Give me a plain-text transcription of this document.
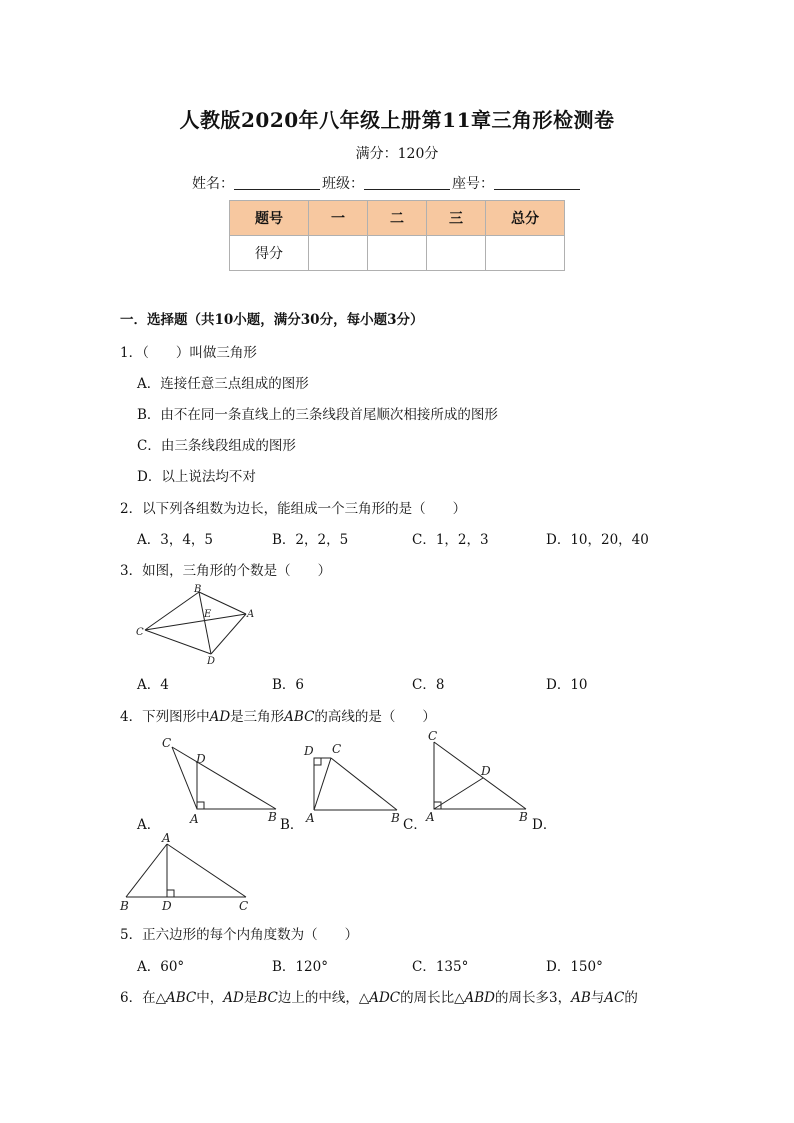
人教版2020年八年级上册第11章三角形检测卷
满分：120分
姓名：	班级：	座号：
题号	一	二	三	总分
得分				
一．选择题（共10小题，满分30分，每小题3分）
1．（　　）叫做三角形
A．连接任意三点组成的图形
B．由不在同一条直线上的三条线段首尾顺次相接所成的图形
C．由三条线段组成的图形
D．以上说法均不对
2．以下列各组数为边长，能组成一个三角形的是（　　）
A．3，4，5	B．2，2，5	C．1，2，3	D．10，20，40
3．如图，三角形的个数是（　　）
B
E	A
C
D
A．4	B．6	C．8	D．10
4．下列图形中AD是三角形ABC的高线的是（　　）
C
D
A	B
A．
D C
A	B
B．
C
D
A	B
C．	D．
A
B	D	C
5．正六边形的每个内角度数为（　　）
A．60°	B．120°	C．135°	D．150°
6．在△ABC中，AD是BC边上的中线，△ADC的周长比△ABD的周长多3，AB与AC的
